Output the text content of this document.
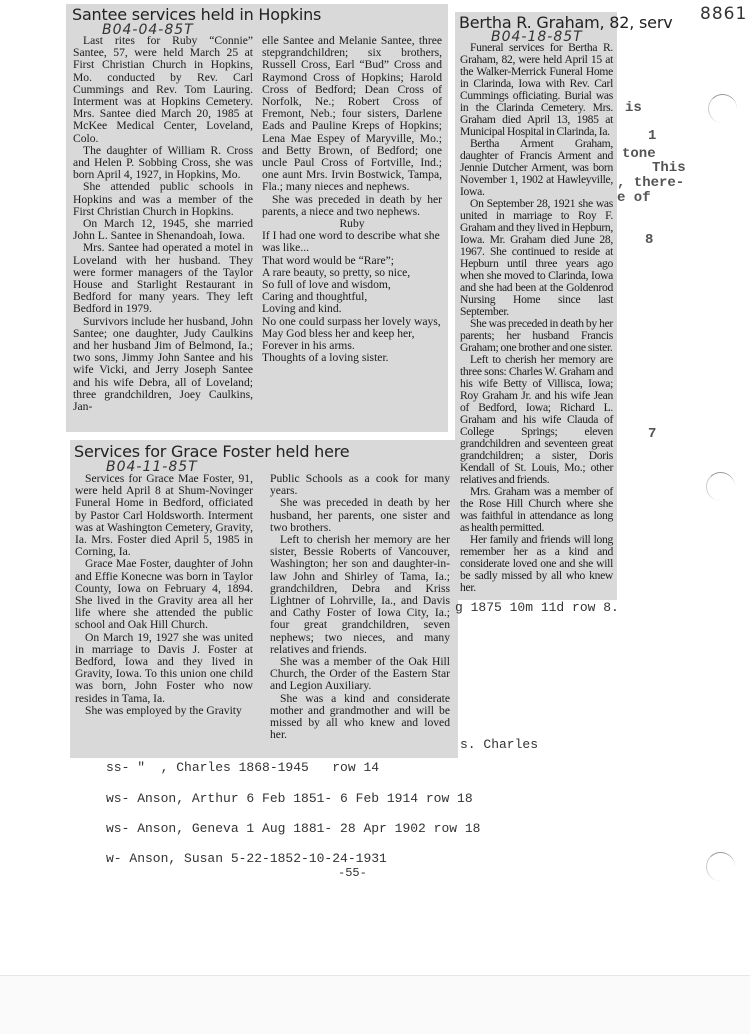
8861
is
1
tone
This
, there-
e of
8
7
Santee services held in Hopkins
B04-04-85T

Last rites for Ruby “Connie” Santee, 57, were held March 25 at First Christian Church in Hopkins, Mo. conducted by Rev. Carl Cummings and Rev. Tom Lauring. Interment was at Hopkins Cemetery. Mrs. Santee died March 20, 1985 at McKee Medical Center, Loveland, Colo.

The daughter of William R. Cross and Helen P. Sobbing Cross, she was born April 4, 1927, in Hopkins, Mo.

She attended public schools in Hopkins and was a member of the First Christian Church in Hopkins.

On March 12, 1945, she married John L. Santee in Shenandoah, Iowa.

Mrs. Santee had operated a motel in Loveland with her husband. They were former managers of the Taylor House and Starlight Restaurant in Bedford for many years. They left Bedford in 1979.

Survivors include her husband, John Santee; one daughter, Judy Caulkins and her husband Jim of Belmond, Ia.; two sons, Jimmy John Santee and his wife Vicki, and Jerry Joseph Santee and his wife Debra, all of Loveland; three grandchildren, Joey Caulkins, Jan-

elle Santee and Melanie Santee, three stepgrandchildren; six brothers, Russell Cross, Earl “Bud” Cross and Raymond Cross of Hopkins; Harold Cross of Bedford; Dean Cross of Norfolk, Ne.; Robert Cross of Fremont, Neb.; four sisters, Darlene Eads and Pauline Kreps of Hopkins; Lena Mae Espey of Maryville, Mo.; and Betty Brown, of Bedford; one uncle Paul Cross of Fortville, Ind.; one aunt Mrs. Irvin Bostwick, Tampa, Fla.; many nieces and nephews.

She was preceded in death by her parents, a niece and two nephews.

Ruby

If I had one word to describe what she was like...

That word would be “Rare”;

A rare beauty, so pretty, so nice,

So full of love and wisdom,

Caring and thoughtful,

Loving and kind.

No one could surpass her lovely ways,

May God bless her and keep her,

Forever in his arms.

Thoughts of a loving sister.

Bertha R. Graham, 82, serv
B04-18-85T

Funeral services for Bertha R. Graham, 82, were held April 15 at the Walker-Merrick Funeral Home in Clarinda, Iowa with Rev. Carl Cummings officiating. Burial was in the Clarinda Cemetery. Mrs. Graham died April 13, 1985 at Municipal Hospital in Clarinda, Ia.

Bertha Arment Graham, daughter of Francis Arment and Jennie Dutcher Arment, was born November 1, 1902 at Hawleyville, Iowa.

On September 28, 1921 she was united in marriage to Roy F. Graham and they lived in Hepburn, Iowa. Mr. Graham died June 28, 1967. She continued to reside at Hepburn until three years ago when she moved to Clarinda, Iowa and she had been at the Goldenrod Nursing Home since last September.

She was preceded in death by her parents; her husband Francis Graham; one brother and one sister.

Left to cherish her memory are three sons: Charles W. Graham and his wife Betty of Villisca, Iowa; Roy Graham Jr. and his wife Jean of Bedford, Iowa; Richard L. Graham and his wife Clauda of College Springs; eleven grandchildren and seventeen great grandchildren; a sister, Doris Kendall of St. Louis, Mo.; other relatives and friends.

Mrs. Graham was a member of the Rose Hill Church where she was faithful in attendance as long as health permitted.

Her family and friends will long remember her as a kind and considerate loved one and she will be sadly missed by all who knew her.

Services for Grace Foster held here
B04-11-85T

Services for Grace Mae Foster, 91, were held April 8 at Shum-Novinger Funeral Home in Bedford, officiated by Pastor Carl Holdsworth. Interment was at Washington Cemetery, Gravity, Ia. Mrs. Foster died April 5, 1985 in Corning, Ia.

Grace Mae Foster, daughter of John and Effie Konecne was born in Taylor County, Iowa on February 4, 1894. She lived in the Gravity area all her life where she attended the public school and Oak Hill Church.

On March 19, 1927 she was united in marriage to Davis J. Foster at Bedford, Iowa and they lived in Gravity, Iowa. To this union one child was born, John Foster who now resides in Tama, Ia.

She was employed by the Gravity

Public Schools as a cook for many years.

She was preceded in death by her husband, her parents, one sister and two brothers.

Left to cherish her memory are her sister, Bessie Roberts of Vancouver, Washington; her son and daughter-in-law John and Shirley of Tama, Ia.; grandchildren, Debra and Kriss Lightner of Lohrville, Ia., and Davis and Cathy Foster of Iowa City, Ia.; four great grandchildren, seven nephews; two nieces, and many relatives and friends.

She was a member of the Oak Hill Church, the Order of the Eastern Star and Legion Auxiliary.

She was a kind and considerate mother and grandmother and will be missed by all who knew and loved her.

g 1875 10m 11d row 8.
s. Charles
ss- "  , Charles 1868-1945   row 14
ws- Anson, Arthur 6 Feb 1851- 6 Feb 1914 row 18
ws- Anson, Geneva 1 Aug 1881- 28 Apr 1902 row 18
w- Anson, Susan 5-22-1852-10-24-1931
-55-
